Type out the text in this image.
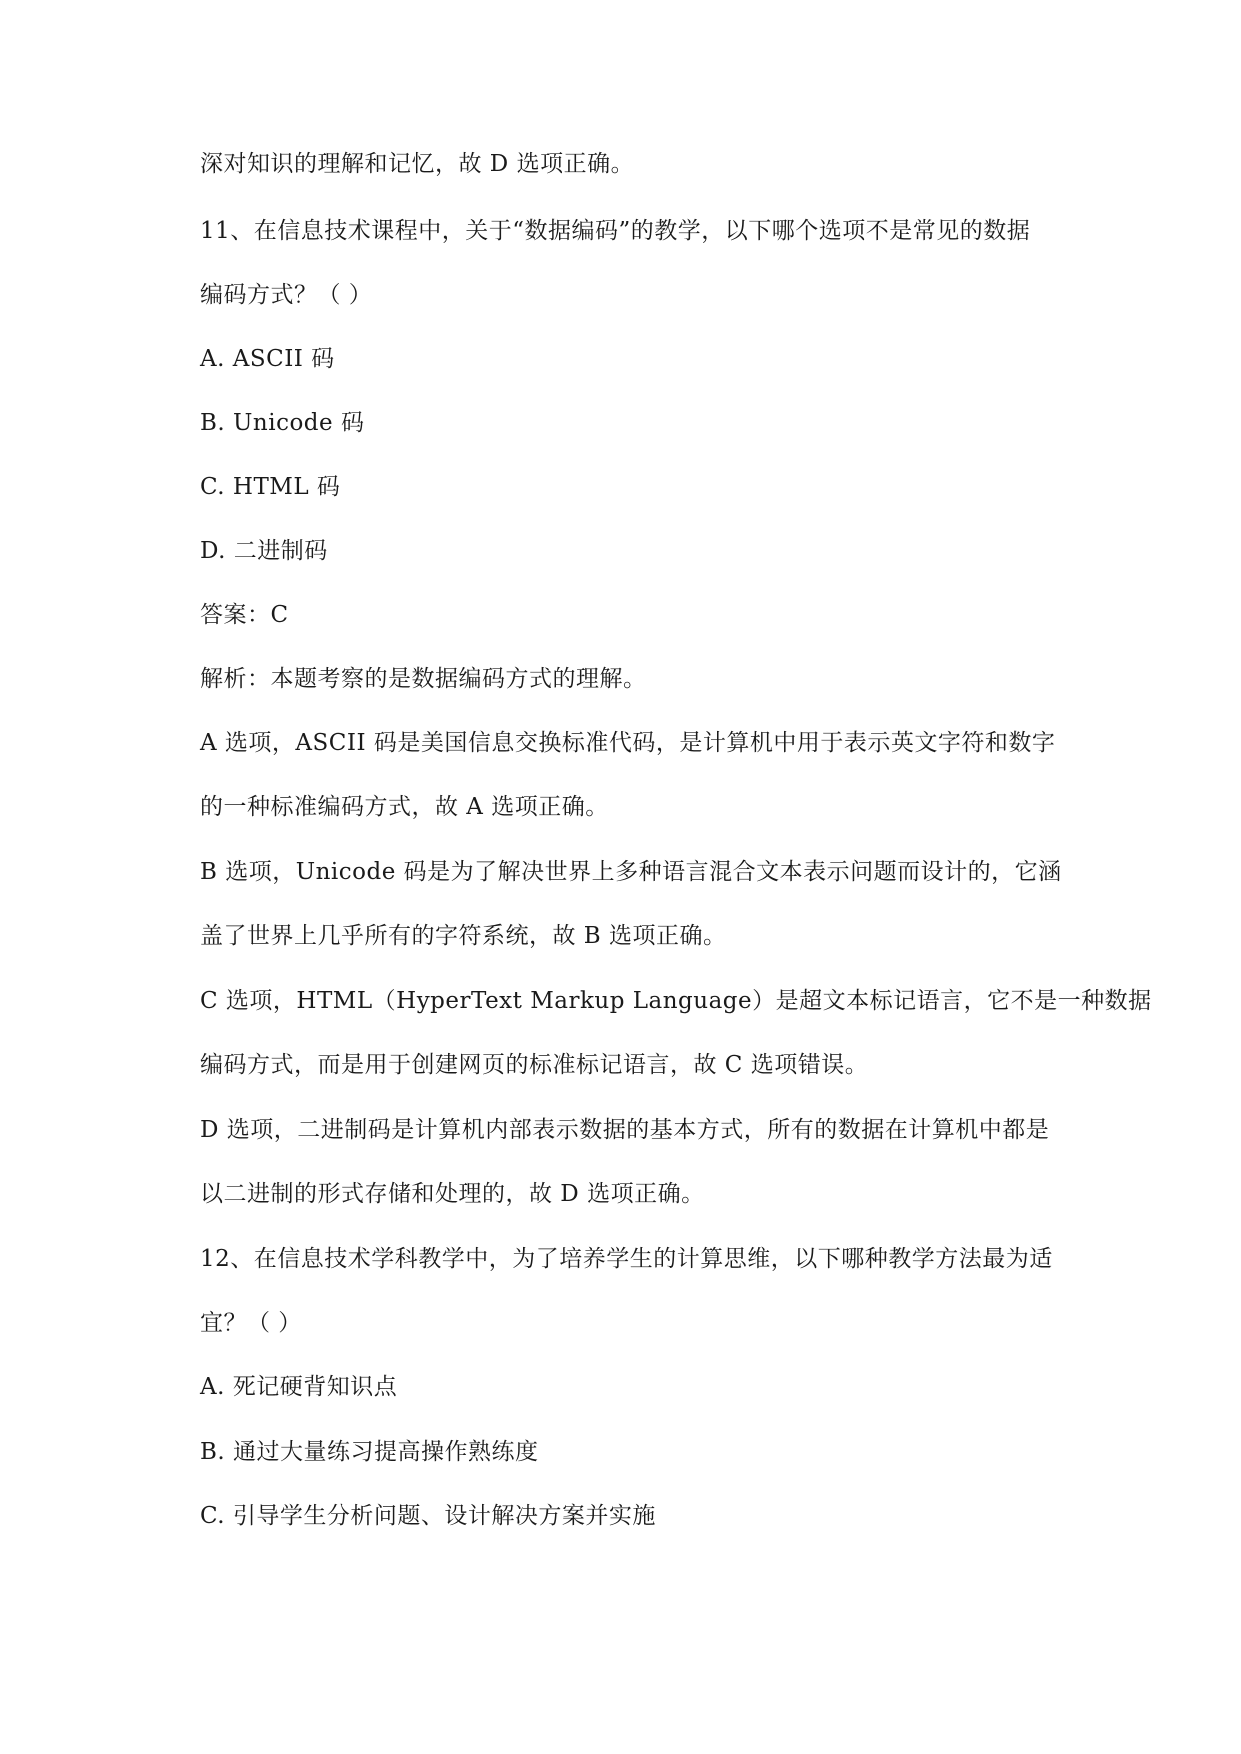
深对知识的理解和记忆，故 D 选项正确。
11、在信息技术课程中，关于“数据编码”的教学，以下哪个选项不是常见的数据
编码方式？（ ）
A. ASCII 码
B. Unicode 码
C. HTML 码
D. 二进制码
答案：C
解析：本题考察的是数据编码方式的理解。
A 选项，ASCII 码是美国信息交换标准代码，是计算机中用于表示英文字符和数字
的一种标准编码方式，故 A 选项正确。
B 选项，Unicode 码是为了解决世界上多种语言混合文本表示问题而设计的，它涵
盖了世界上几乎所有的字符系统，故 B 选项正确。
C 选项，HTML（HyperText Markup Language）是超文本标记语言，它不是一种数据
编码方式，而是用于创建网页的标准标记语言，故 C 选项错误。
D 选项，二进制码是计算机内部表示数据的基本方式，所有的数据在计算机中都是
以二进制的形式存储和处理的，故 D 选项正确。
12、在信息技术学科教学中，为了培养学生的计算思维，以下哪种教学方法最为适
宜？（ ）
A. 死记硬背知识点
B. 通过大量练习提高操作熟练度
C. 引导学生分析问题、设计解决方案并实施
